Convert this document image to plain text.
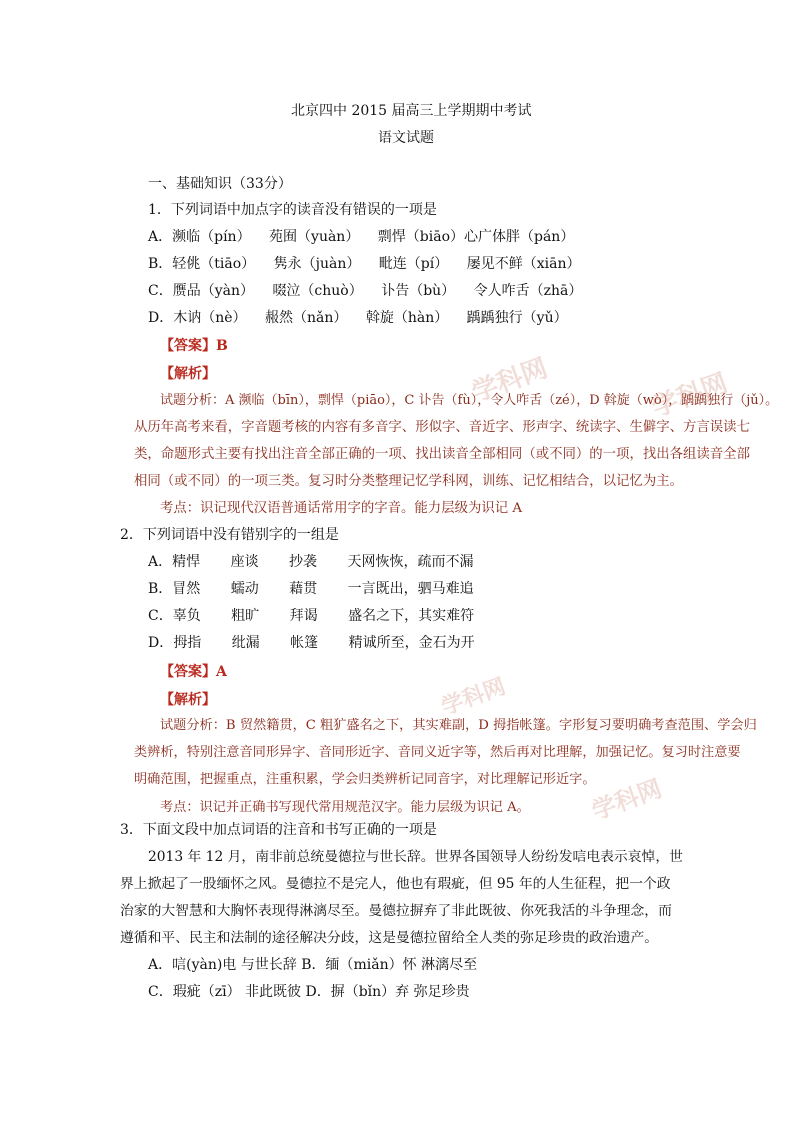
北京四中 2015 届高三上学期期中考试
语文试题
一、基础知识（33分）
1．下列词语中加点字的读音没有错误的一项是
A．濒临（pín） 苑囿（yuàn） 剽悍（biāo）心广体胖（pán）
B．轻佻（tiāo） 隽永（juàn） 毗连（pí） 屡见不鲜（xiān）
C．赝品（yàn） 啜泣（chuò） 讣告（bù） 令人咋舌（zhā）
D．木讷（nè） 赧然（nǎn） 斡旋（hàn） 踽踽独行（yǔ）
【答案】B
【解析】
试题分析：A 濒临（bīn），剽悍（piāo），C 讣告（fù），令人咋舌（zé），D 斡旋（wò），踽踽独行（jǔ）。
从历年高考来看，字音题考核的内容有多音字、形似字、音近字、形声字、统读字、生僻字、方言误读七
类，命题形式主要有找出注音全部正确的一项、找出读音全部相同（或不同）的一项，找出各组读音全部
相同（或不同）的一项三类。复习时分类整理记忆学科网，训练、记忆相结合，以记忆为主。
考点：识记现代汉语普通话常用字的字音。能力层级为识记 A
2．下列词语中没有错别字的一组是
A．精悍 座谈 抄袭 天网恢恢，疏而不漏
B．冒然 蠕动 藉贯 一言既出，驷马难追
C．辜负 粗旷 拜谒 盛名之下，其实难符
D．拇指 纰漏 帐篷 精诚所至，金石为开
【答案】A
【解析】
试题分析：B 贸然籍贯，C 粗犷盛名之下，其实难副，D 拇指帐篷。字形复习要明确考查范围、学会归
类辨析，特别注意音同形异字、音同形近字、音同义近字等，然后再对比理解，加强记忆。复习时注意要
明确范围，把握重点，注重积累，学会归类辨析记同音字，对比理解记形近字。
考点：识记并正确书写现代常用规范汉字。能力层级为识记 A。
3．下面文段中加点词语的注音和书写正确的一项是
2013 年 12 月，南非前总统曼德拉与世长辞。世界各国领导人纷纷发唁电表示哀悼，世
界上掀起了一股缅怀之风。曼德拉不是完人，他也有瑕疵，但 95 年的人生征程，把一个政
治家的大智慧和大胸怀表现得淋漓尽至。曼德拉摒弃了非此既彼、你死我活的斗争理念，而
遵循和平、民主和法制的途径解决分歧，这是曼德拉留给全人类的弥足珍贵的政治遗产。
A．唁(yàn)电 与世长辞 B．缅（miǎn）怀 淋漓尽至
C．瑕疵（zī） 非此既彼 D．摒（bǐn）弃 弥足珍贵
学科网	学科网
学科网
学科网
